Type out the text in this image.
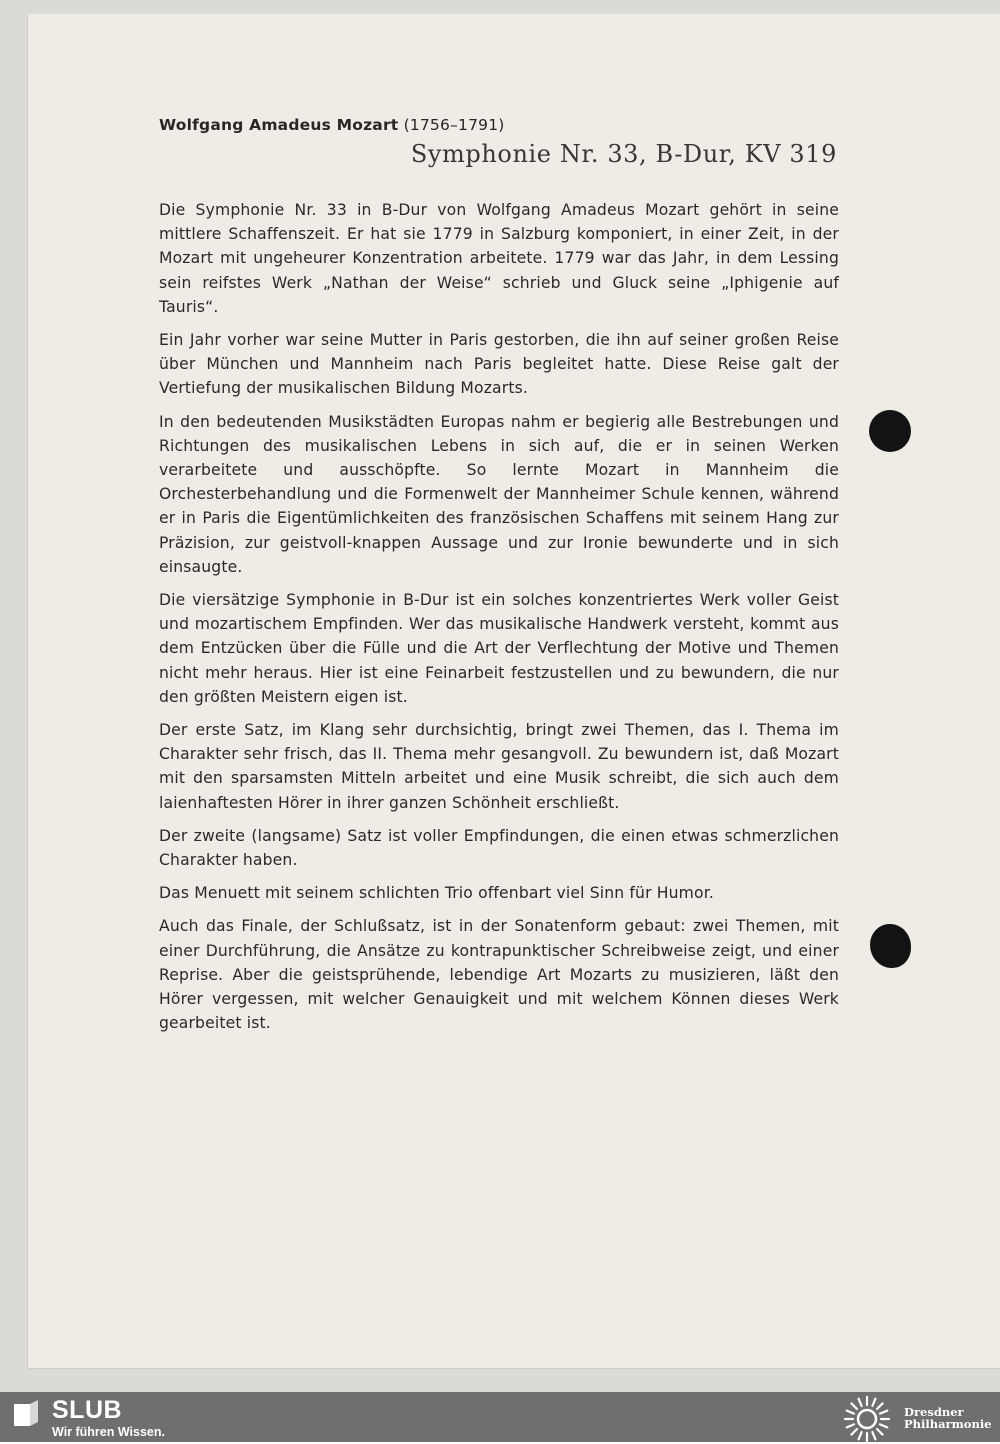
Wolfgang Amadeus Mozart (1756–1791)
Symphonie Nr. 33, B-Dur, KV 319

Die Symphonie Nr. 33 in B-Dur von Wolfgang Amadeus Mozart gehört in seine mittlere Schaffenszeit. Er hat sie 1779 in Salzburg komponiert, in einer Zeit, in der Mozart mit ungeheurer Konzentration arbeitete. 1779 war das Jahr, in dem Lessing sein reifstes Werk „Nathan der Weise“ schrieb und Gluck seine „Iphigenie auf Tauris“.

Ein Jahr vorher war seine Mutter in Paris gestorben, die ihn auf seiner großen Reise über München und Mannheim nach Paris begleitet hatte. Diese Reise galt der Vertiefung der musikalischen Bildung Mozarts.

In den bedeutenden Musikstädten Europas nahm er begierig alle Bestrebungen und Richtungen des musikalischen Lebens in sich auf, die er in seinen Werken verarbeitete und ausschöpfte. So lernte Mozart in Mannheim die Orchesterbehandlung und die Formenwelt der Mannheimer Schule kennen, während er in Paris die Eigentümlichkeiten des französischen Schaffens mit seinem Hang zur Präzision, zur geistvoll-knappen Aussage und zur Ironie bewunderte und in sich einsaugte.

Die viersätzige Symphonie in B-Dur ist ein solches konzentriertes Werk voller Geist und mozartischem Empfinden. Wer das musikalische Handwerk versteht, kommt aus dem Entzücken über die Fülle und die Art der Verflechtung der Motive und Themen nicht mehr heraus. Hier ist eine Feinarbeit festzustellen und zu bewundern, die nur den größten Meistern eigen ist.

Der erste Satz, im Klang sehr durchsichtig, bringt zwei Themen, das I. Thema im Charakter sehr frisch, das II. Thema mehr gesangvoll. Zu bewundern ist, daß Mozart mit den sparsamsten Mitteln arbeitet und eine Musik schreibt, die sich auch dem laienhaftesten Hörer in ihrer ganzen Schönheit erschließt.

Der zweite (langsame) Satz ist voller Empfindungen, die einen etwas schmerzlichen Charakter haben.

Das Menuett mit seinem schlichten Trio offenbart viel Sinn für Humor.

Auch das Finale, der Schlußsatz, ist in der Sonatenform gebaut: zwei Themen, mit einer Durchführung, die Ansätze zu kontrapunktischer Schreibweise zeigt, und einer Reprise. Aber die geistsprühende, lebendige Art Mozarts zu musizieren, läßt den Hörer vergessen, mit welcher Genauigkeit und mit welchem Können dieses Werk gearbeitet ist.

SLUB
Wir führen Wissen.
Dresdner
Philharmonie
